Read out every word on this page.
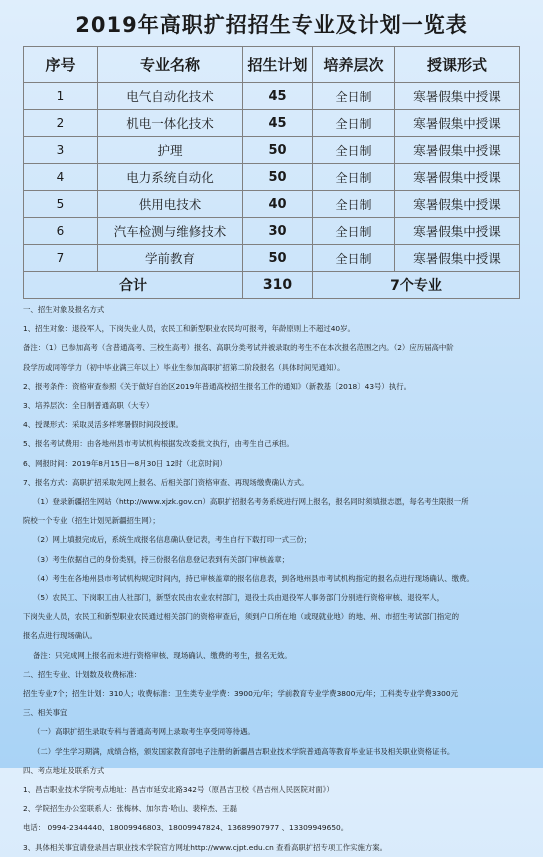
2019年高职扩招招生专业及计划一览表
序号	专业名称	招生计划	培养层次	授课形式
1	电气自动化技术	45	全日制	寒暑假集中授课
2	机电一体化技术	45	全日制	寒暑假集中授课
3	护理	50	全日制	寒暑假集中授课
4	电力系统自动化	50	全日制	寒暑假集中授课
5	供用电技术	40	全日制	寒暑假集中授课
6	汽车检测与维修技术	30	全日制	寒暑假集中授课
7	学前教育	50	全日制	寒暑假集中授课
合计		310	7个专业	
一、招生对象及报名方式
1、招生对象：退役军人，下岗失业人员，农民工和新型职业农民均可报考，年龄原则上不超过40岁。
备注：（1）已参加高考（含普通高考、三校生高考）报名、高职分类考试并被录取的考生不在本次报名范围之内。（2）应历届高中阶
段学历或同等学力（初中毕业满三年以上）毕业生参加高职扩招第二阶段报名（具体时间见通知）。
2、报考条件：资格审查参照《关于做好自治区2019年普通高校招生报名工作的通知》（新教基〔2018〕43号）执行。
3、培养层次：全日制普通高职（大专）
4、授课形式：采取灵活多样寒暑假时间段授课。
5、报名考试费用：由各地州县市考试机构根据发改委批文执行，由考生自己承担。
6、网报时间：2019年8月15日—8月30日 12时（北京时间）
7、报名方式：高职扩招采取先网上报名、后相关部门资格审查、再现场缴费确认方式。
（1）登录新疆招生网站（http://www.xjzk.gov.cn）高职扩招报名考务系统进行网上报名，报名同时须填报志愿，每名考生限报一所
院校一个专业（招生计划见新疆招生网）；
（2）网上填报完成后，系统生成报名信息确认登记表，考生自行下载打印一式三份；
（3）考生依据自己的身份类别，持三份报名信息登记表到有关部门审核盖章；
（4）考生在各地州县市考试机构规定时间内，持已审核盖章的报名信息表，到各地州县市考试机构指定的报名点进行现场确认、缴费。
（5）农民工、下岗职工由人社部门，新型农民由农业农村部门，退役士兵由退役军人事务部门分别进行资格审核、退役军人，
下岗失业人员，农民工和新型职业农民通过相关部门的资格审查后，须到户口所在地（或现就业地）的地、州、市招生考试部门指定的
报名点进行现场确认。
备注：只完成网上报名而未进行资格审核、现场确认、缴费的考生，报名无效。
二、招生专业、计划数及收费标准：
招生专业7个；招生计划：310人；收费标准：卫生类专业学费：3900元/年；学前教育专业学费3800元/年；工科类专业学费3300元
三、相关事宜
（一）高职扩招生录取专科与普通高考网上录取考生享受同等待遇。
（二）学生学习期满，成绩合格，颁发国家教育部电子注册的新疆昌吉职业技术学院普通高等教育毕业证书及相关职业资格证书。
四、考点地址及联系方式
1、昌吉职业技术学院考点地址：昌吉市延安北路342号（原昌吉卫校《昌吉州人民医院对面》）
2、学院招生办公室联系人：张梅林、加尔肯·哈山、裴梓杰、王磊
电话： 0994-2344440、18009946803、18009947824、13689907977 、13309949650。
3、具体相关事宜请登录昌吉职业技术学院官方网址http://www.cjpt.edu.cn 查看高职扩招专项工作实施方案。
